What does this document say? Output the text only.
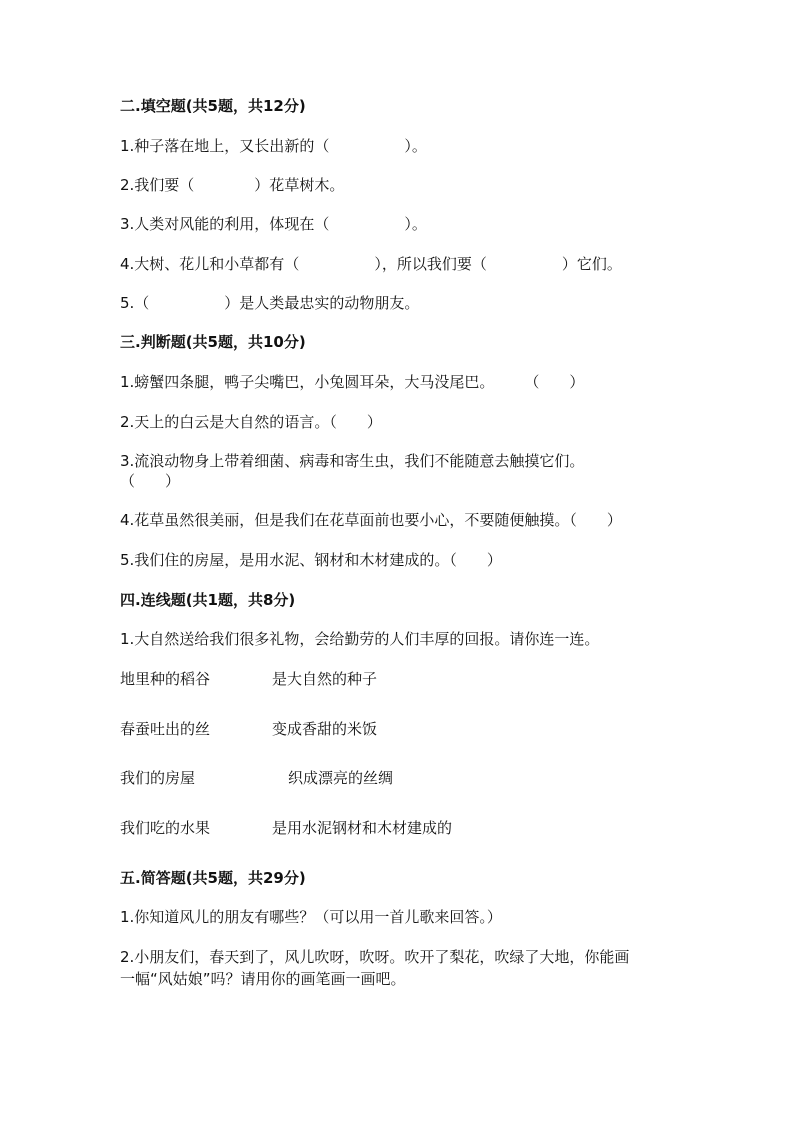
二.填空题(共5题，共12分)
1.种子落在地上，又长出新的（　　　　　）。
2.我们要（　　　　）花草树木。
3.人类对风能的利用，体现在（　　　　　）。
4.大树、花儿和小草都有（　　　　　），所以我们要（　　　　　）它们。
5.（　　　　　）是人类最忠实的动物朋友。
三.判断题(共5题，共10分)
1.螃蟹四条腿，鸭子尖嘴巴，小兔圆耳朵，大马没尾巴。　　　（　　）
2.天上的白云是大自然的语言。（　　）
3.流浪动物身上带着细菌、病毒和寄生虫，我们不能随意去触摸它们。
（　　）
4.花草虽然很美丽，但是我们在花草面前也要小心，不要随便触摸。（　　）
5.我们住的房屋，是用水泥、钢材和木材建成的。（　　）
四.连线题(共1题，共8分)
1.大自然送给我们很多礼物，会给勤劳的人们丰厚的回报。请你连一连。
地里种的稻谷	是大自然的种子
春蚕吐出的丝	变成香甜的米饭
我们的房屋	织成漂亮的丝绸
我们吃的水果	是用水泥钢材和木材建成的
五.简答题(共5题，共29分)
1.你知道风儿的朋友有哪些？（可以用一首儿歌来回答。）
2.小朋友们，春天到了，风儿吹呀，吹呀。吹开了梨花，吹绿了大地，你能画
一幅“风姑娘”吗？请用你的画笔画一画吧。
